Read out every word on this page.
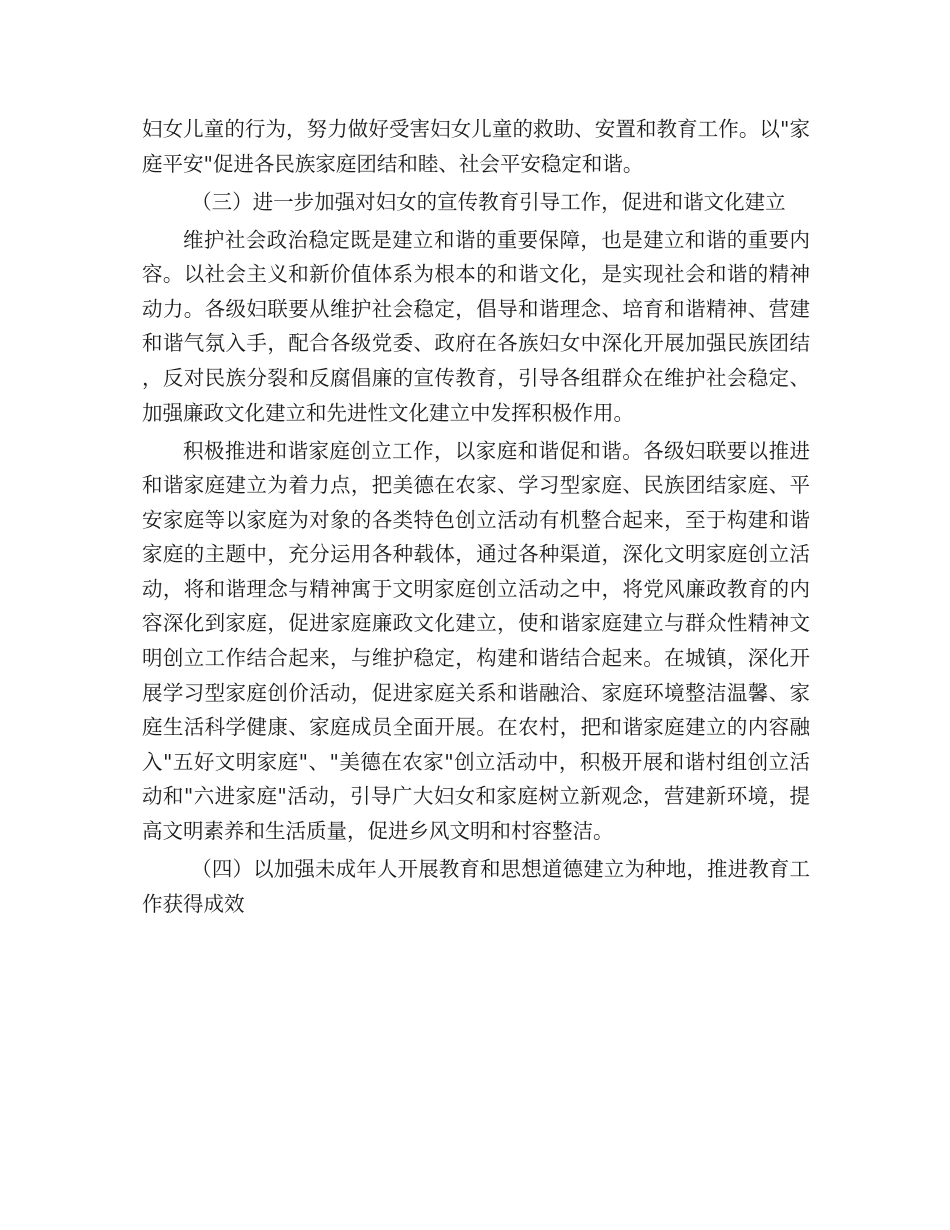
妇女儿童的行为，努力做好受害妇女儿童的救助、安置和教育工作。以"家庭平安"促进各民族家庭团结和睦、社会平安稳定和谐。

（三）进一步加强对妇女的宣传教育引导工作，促进和谐文化建立

维护社会政治稳定既是建立和谐的重要保障，也是建立和谐的重要内容。以社会主义和新价值体系为根本的和谐文化，是实现社会和谐的精神动力。各级妇联要从维护社会稳定，倡导和谐理念、培育和谐精神、营建和谐气氛入手，配合各级党委、政府在各族妇女中深化开展加强民族团结，反对民族分裂和反腐倡廉的宣传教育，引导各组群众在维护社会稳定、加强廉政文化建立和先进性文化建立中发挥积极作用。

积极推进和谐家庭创立工作，以家庭和谐促和谐。各级妇联要以推进和谐家庭建立为着力点，把美德在农家、学习型家庭、民族团结家庭、平安家庭等以家庭为对象的各类特色创立活动有机整合起来，至于构建和谐家庭的主题中，充分运用各种载体，通过各种渠道，深化文明家庭创立活动，将和谐理念与精神寓于文明家庭创立活动之中，将党风廉政教育的内容深化到家庭，促进家庭廉政文化建立，使和谐家庭建立与群众性精神文明创立工作结合起来，与维护稳定，构建和谐结合起来。在城镇，深化开展学习型家庭创价活动，促进家庭关系和谐融洽、家庭环境整洁温馨、家庭生活科学健康、家庭成员全面开展。在农村，把和谐家庭建立的内容融入"五好文明家庭"、"美德在农家"创立活动中，积极开展和谐村组创立活动和"六进家庭"活动，引导广大妇女和家庭树立新观念，营建新环境，提高文明素养和生活质量，促进乡风文明和村容整洁。

（四）以加强未成年人开展教育和思想道德建立为种地，推进教育工作获得成效
